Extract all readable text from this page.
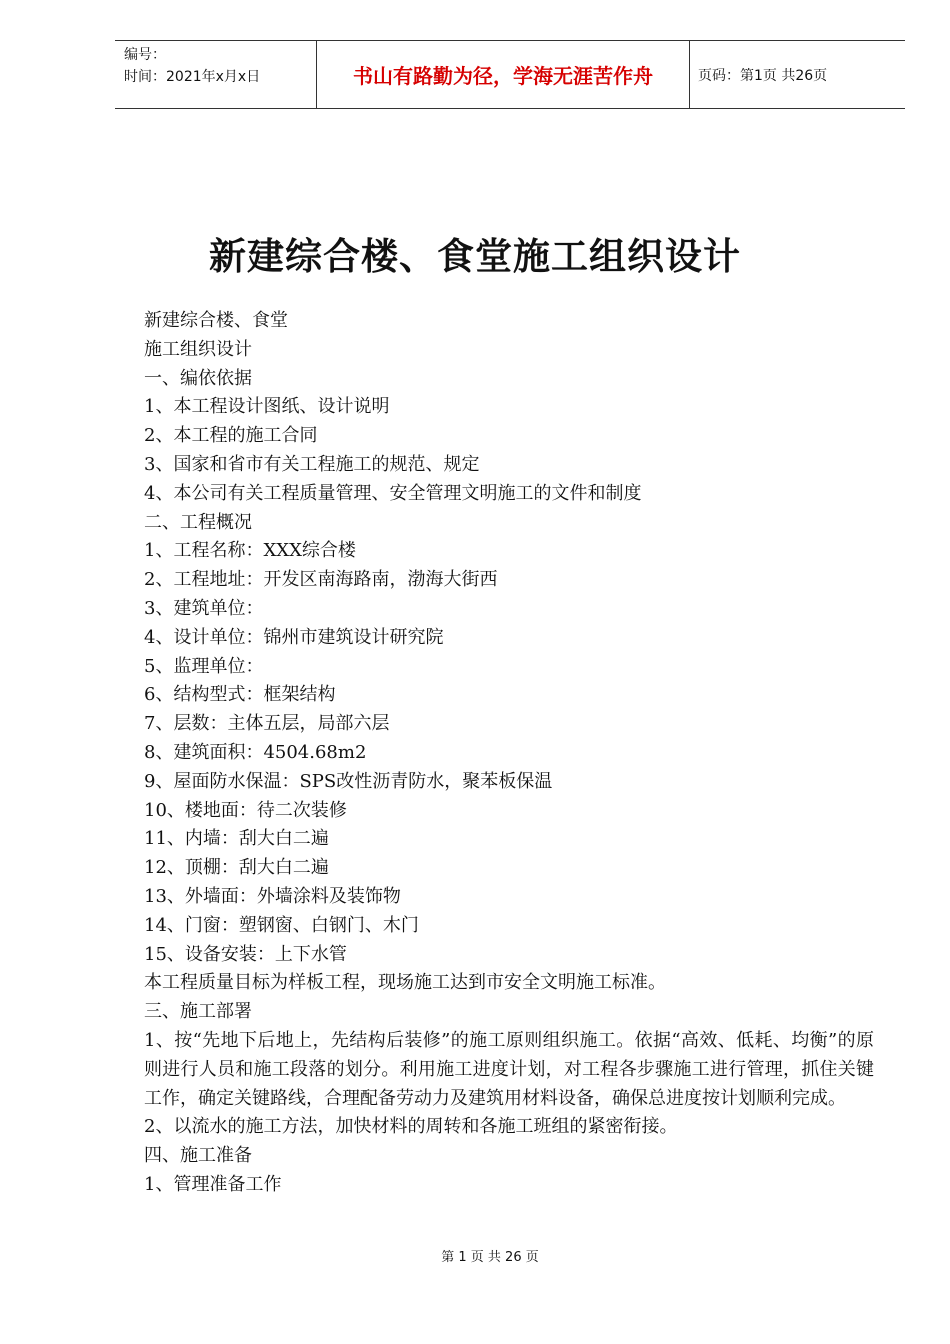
编号：
时间：2021年x月x日	书山有路勤为径，学海无涯苦作舟	页码：第1页 共26页
新建综合楼、食堂施工组织设计
新建综合楼、食堂
施工组织设计
一、编依依据
1、本工程设计图纸、设计说明
2、本工程的施工合同
3、国家和省市有关工程施工的规范、规定
4、本公司有关工程质量管理、安全管理文明施工的文件和制度
二、工程概况
1、工程名称：XXX综合楼
2、工程地址：开发区南海路南，渤海大街西
3、建筑单位：
4、设计单位：锦州市建筑设计研究院
5、监理单位：
6、结构型式：框架结构
7、层数：主体五层，局部六层
8、建筑面积：4504.68m2
9、屋面防水保温：SPS改性沥青防水，聚苯板保温
10、楼地面：待二次装修
11、内墙：刮大白二遍
12、顶棚：刮大白二遍
13、外墙面：外墙涂料及装饰物
14、门窗：塑钢窗、白钢门、木门
15、设备安装：上下水管
本工程质量目标为样板工程，现场施工达到市安全文明施工标准。
三、施工部署
1、按“先地下后地上，先结构后装修”的施工原则组织施工。依据“高效、低耗、均衡”的原则进行人员和施工段落的划分。利用施工进度计划，对工程各步骤施工进行管理，抓住关键工作，确定关键路线，合理配备劳动力及建筑用材料设备，确保总进度按计划顺利完成。
2、以流水的施工方法，加快材料的周转和各施工班组的紧密衔接。
四、施工准备
1、管理准备工作
第 1 页 共 26 页
